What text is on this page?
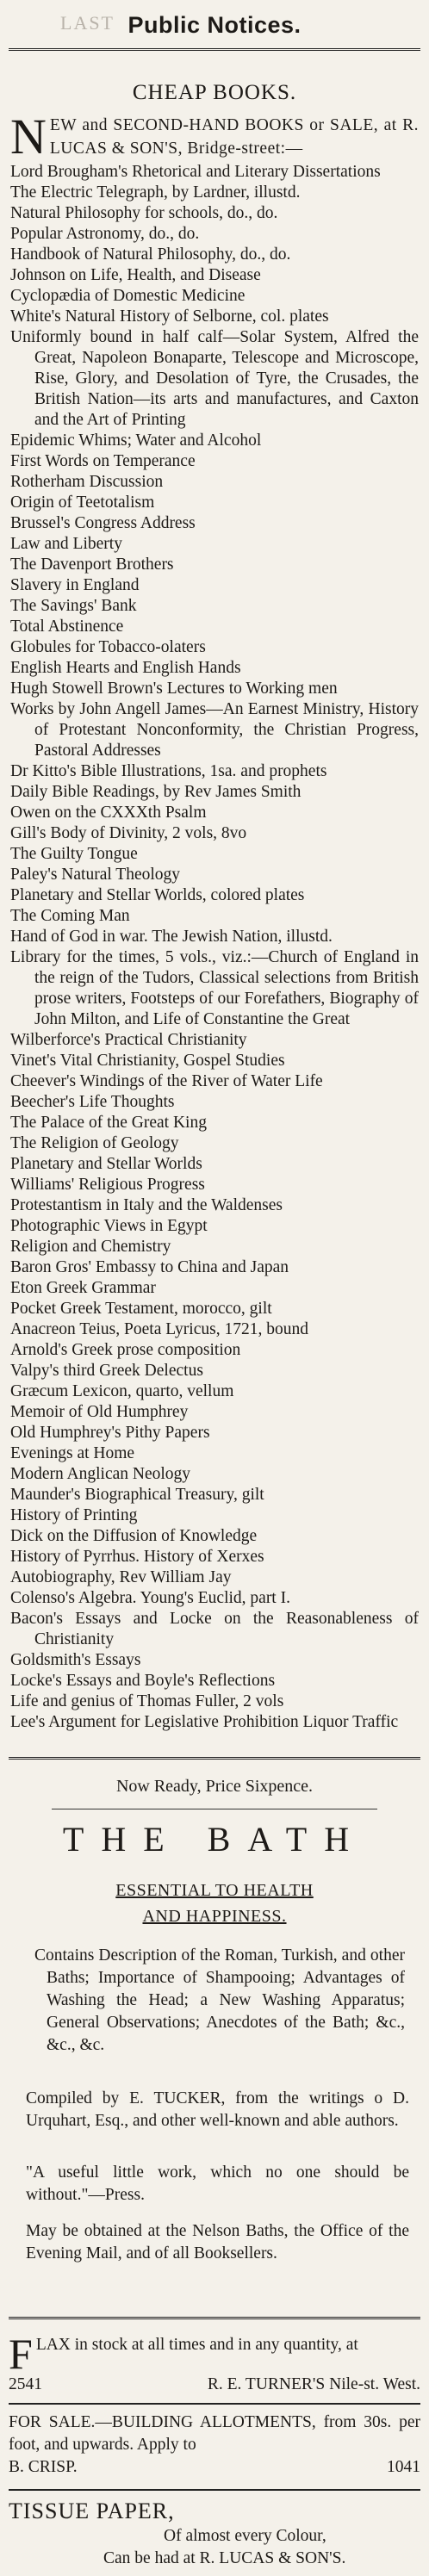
LAST Public Notices.
CHEAP BOOKS.

N EW and SECOND-HAND BOOKS or SALE, at R. LUCAS & SON'S, Bridge-street:—

Lord Brougham's Rhetorical and Literary Dissertations
The Electric Telegraph, by Lardner, illustd.
Natural Philosophy for schools, do., do.
Popular Astronomy, do., do.
Handbook of Natural Philosophy, do., do.
Johnson on Life, Health, and Disease
Cyclopædia of Domestic Medicine
White's Natural History of Selborne, col. plates
Uniformly bound in half calf—Solar System, Alfred the Great, Napoleon Bonaparte, Telescope and Microscope, Rise, Glory, and Desolation of Tyre, the Crusades, the British Nation—its arts and manufactures, and Caxton and the Art of Printing
Epidemic Whims; Water and Alcohol
First Words on Temperance
Rotherham Discussion
Origin of Teetotalism
Brussel's Congress Address
Law and Liberty
The Davenport Brothers
Slavery in England
The Savings' Bank
Total Abstinence
Globules for Tobacco-olaters
English Hearts and English Hands
Hugh Stowell Brown's Lectures to Working men
Works by John Angell James—An Earnest Ministry, History of Protestant Nonconformity, the Christian Progress, Pastoral Addresses
Dr Kitto's Bible Illustrations, 1sa. and prophets
Daily Bible Readings, by Rev James Smith
Owen on the CXXXth Psalm
Gill's Body of Divinity, 2 vols, 8vo
The Guilty Tongue
Paley's Natural Theology
Planetary and Stellar Worlds, colored plates
The Coming Man
Hand of God in war. The Jewish Nation, illustd.
Library for the times, 5 vols., viz.:—Church of England in the reign of the Tudors, Classical selections from British prose writers, Footsteps of our Forefathers, Biography of John Milton, and Life of Constantine the Great
Wilberforce's Practical Christianity
Vinet's Vital Christianity, Gospel Studies
Cheever's Windings of the River of Water Life
Beecher's Life Thoughts
The Palace of the Great King
The Religion of Geology
Planetary and Stellar Worlds
Williams' Religious Progress
Protestantism in Italy and the Waldenses
Photographic Views in Egypt
Religion and Chemistry
Baron Gros' Embassy to China and Japan
Eton Greek Grammar
Pocket Greek Testament, morocco, gilt
Anacreon Teius, Poeta Lyricus, 1721, bound
Arnold's Greek prose composition
Valpy's third Greek Delectus
Græcum Lexicon, quarto, vellum
Memoir of Old Humphrey
Old Humphrey's Pithy Papers
Evenings at Home
Modern Anglican Neology
Maunder's Biographical Treasury, gilt
History of Printing
Dick on the Diffusion of Knowledge
History of Pyrrhus. History of Xerxes
Autobiography, Rev William Jay
Colenso's Algebra. Young's Euclid, part I.
Bacon's Essays and Locke on the Reasonableness of Christianity
Goldsmith's Essays
Locke's Essays and Boyle's Reflections
Life and genius of Thomas Fuller, 2 vols
Lee's Argument for Legislative Prohibition Liquor Traffic
Now Ready, Price Sixpence.
THE BATH
ESSENTIAL TO HEALTH
AND HAPPINESS.

Contains Description of the Roman, Turkish, and other Baths; Importance of Shampooing; Advantages of Washing the Head; a New Washing Apparatus; General Observations; Anecdotes of the Bath; &c., &c., &c.

Compiled by E. TUCKER, from the writings o D. Urquhart, Esq., and other well-known and able authors.

"A useful little work, which no one should be without."—Press.

May be obtained at the Nelson Baths, the Office of the Evening Mail, and of all Booksellers.

F LAX in stock at all times and in any quantity, at

2541	R. E. TURNER'S Nile-st. West.

FOR SALE.—BUILDING ALLOTMENTS, from 30s. per foot, and upwards. Apply to

B. CRISP.	1041
TISSUE PAPER,

Of almost every Colour,

Can be had at R. LUCAS & SON'S.
